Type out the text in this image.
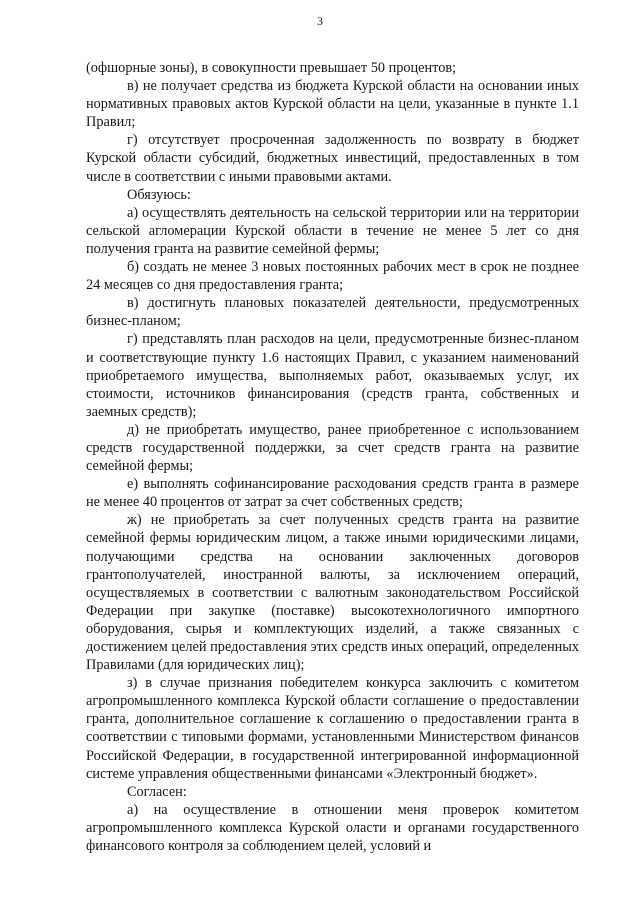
3

(офшорные зоны), в совокупности превышает 50 процентов;

в) не получает средства из бюджета Курской области на основании иных нормативных правовых актов Курской области на цели, указанные в пункте 1.1 Правил;

г) отсутствует просроченная задолженность по возврату в бюджет Курской области субсидий, бюджетных инвестиций, предоставленных в том числе в соответствии с иными правовыми актами.

Обязуюсь:

а) осуществлять деятельность на сельской территории или на территории сельской агломерации Курской области в течение не менее 5 лет со дня получения гранта на развитие семейной фермы;

б) создать не менее 3 новых постоянных рабочих мест в срок не позднее 24 месяцев со дня предоставления гранта;

в) достигнуть плановых показателей деятельности, предусмотренных бизнес-планом;

г) представлять план расходов на цели, предусмотренные бизнес-планом и соответствующие пункту 1.6 настоящих Правил, с указанием наименований приобретаемого имущества, выполняемых работ, оказываемых услуг, их стоимости, источников финансирования (средств гранта, собственных и заемных средств);

д) не приобретать имущество, ранее приобретенное с использованием средств государственной поддержки, за счет средств гранта на развитие семейной фермы;

е) выполнять софинансирование расходования средств гранта в размере не менее 40 процентов от затрат за счет собственных средств;

ж) не приобретать за счет полученных средств гранта на развитие семейной фермы юридическим лицом, а также иными юридическими лицами, получающими средства на основании заключенных договоров грантополучателей, иностранной валюты, за исключением операций, осуществляемых в соответствии с валютным законодательством Российской Федерации при закупке (поставке) высокотехнологичного импортного оборудования, сырья и комплектующих изделий, а также связанных с достижением целей предоставления этих средств иных операций, определенных Правилами (для юридических лиц);

з) в случае признания победителем конкурса заключить с комитетом агропромышленного комплекса Курской области соглашение о предоставлении гранта, дополнительное соглашение к соглашению о предоставлении гранта в соответствии с типовыми формами, установленными Министерством финансов Российской Федерации, в государственной интегрированной информационной системе управления общественными финансами «Электронный бюджет».

Согласен:

а) на осуществление в отношении меня проверок комитетом агропромышленного комплекса Курской оласти и органами государственного финансового контроля за соблюдением целей, условий и
